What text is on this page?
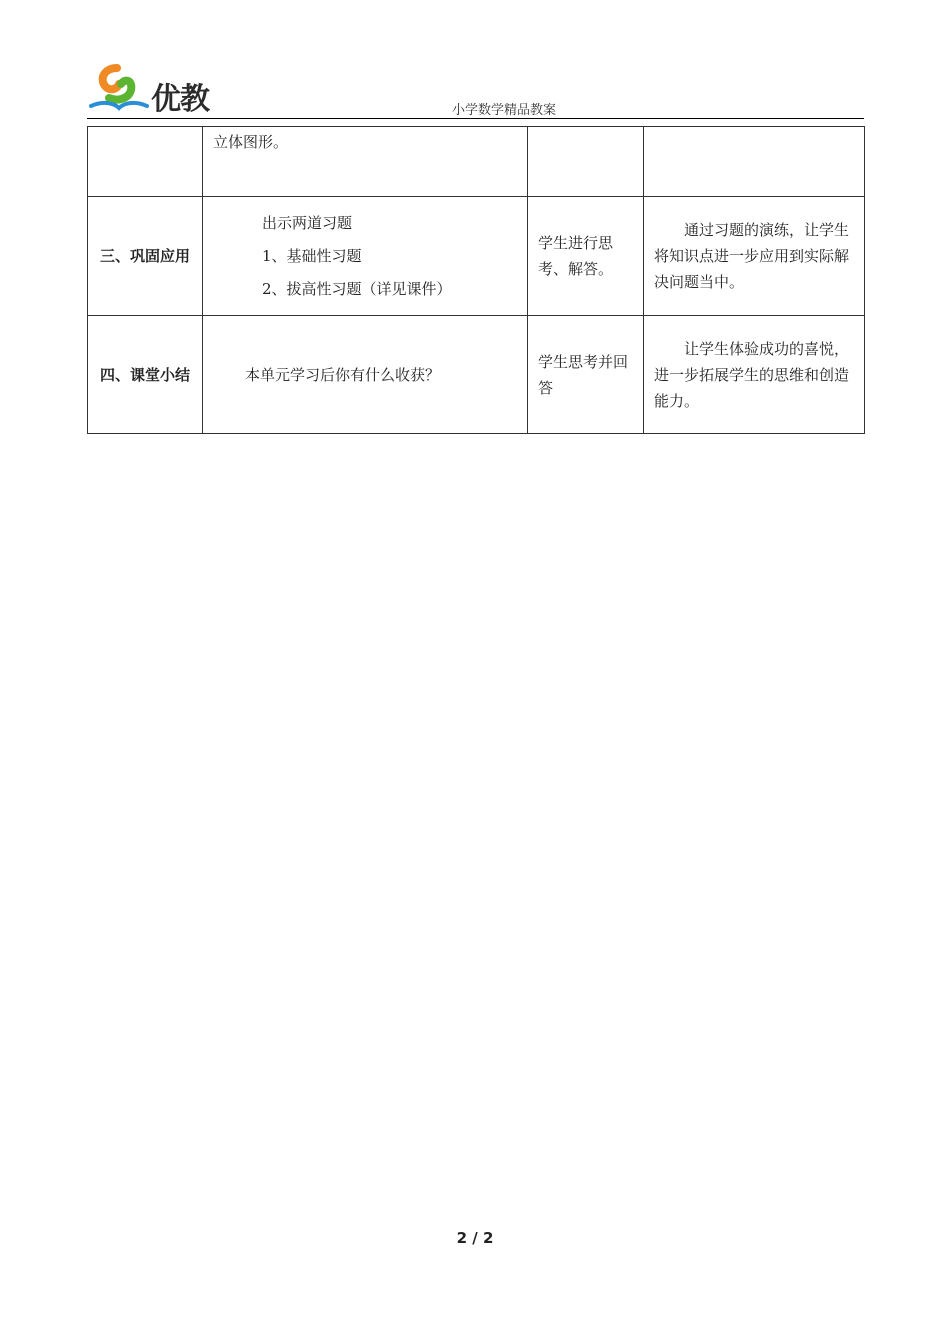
优教	小学数学精品教案

	立体图形。		

三、巩固应用	出示两道习题
1、基础性习题
2、拔高性习题（详见课件）	学生进行思考、解答。	通过习题的演练，让学生将知识点进一步应用到实际解决问题当中。
四、课堂小结	本单元学习后你有什么收获？	学生思考并回答	让学生体验成功的喜悦，进一步拓展学生的思维和创造能力。
2 / 2
